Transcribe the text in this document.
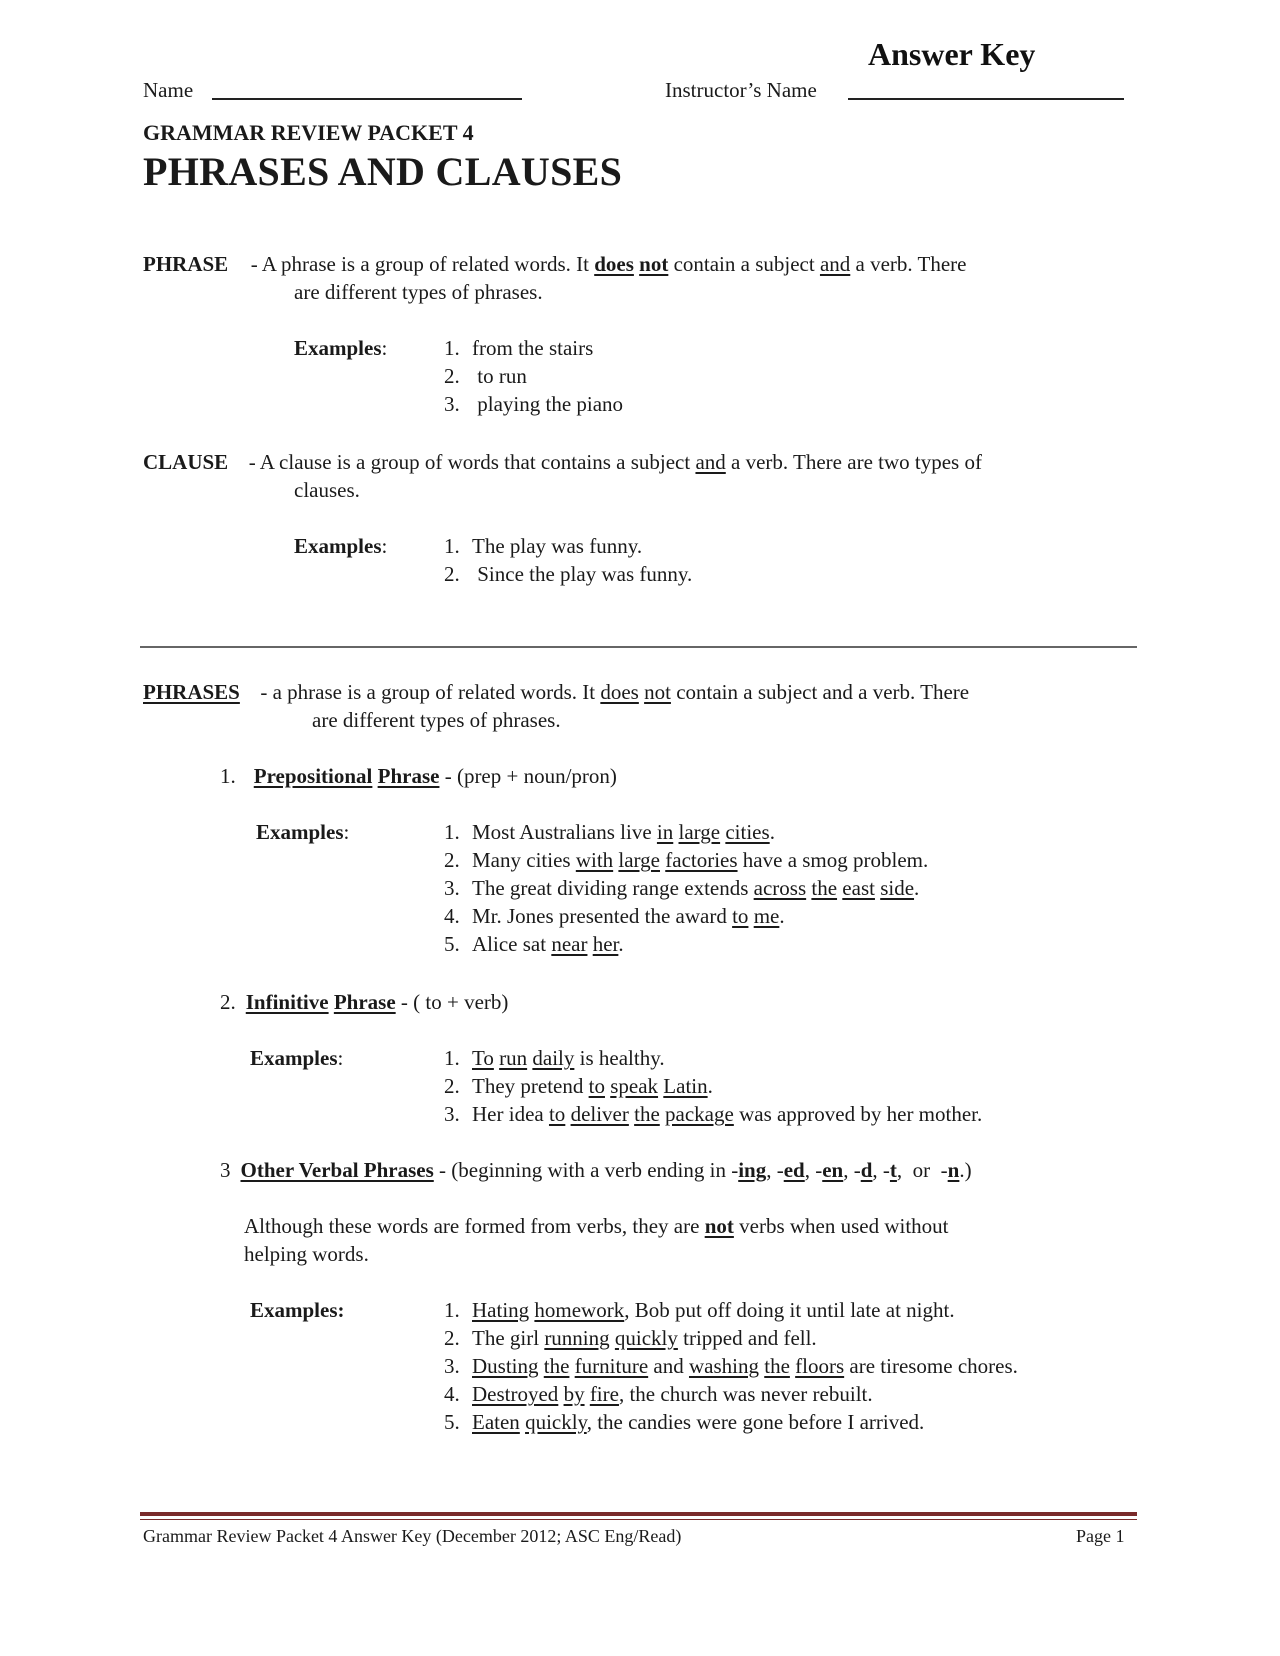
Answer Key
Name	Instructor’s Name
GRAMMAR REVIEW PACKET 4
PHRASES AND CLAUSES
PHRASE - A phrase is a group of related words. It does not contain a subject and a verb. There
are different types of phrases.
Examples:	1. from the stairs
2. to run
3. playing the piano
CLAUSE - A clause is a group of words that contains a subject and a verb. There are two types of
clauses.
Examples:	1. The play was funny.
2. Since the play was funny.
PHRASES - a phrase is a group of related words. It does not contain a subject and a verb. There
are different types of phrases.
1. Prepositional Phrase - (prep + noun/pron)
Examples:	1. Most Australians live in large cities.
2. Many cities with large factories have a smog problem.
3. The great dividing range extends across the east side.
4. Mr. Jones presented the award to me.
5. Alice sat near her.
2. Infinitive Phrase - ( to + verb)
Examples:	1. To run daily is healthy.
2. They pretend to speak Latin.
3. Her idea to deliver the package was approved by her mother.
3 Other Verbal Phrases - (beginning with a verb ending in -ing, -ed, -en, -d, -t,  or  -n.)
Although these words are formed from verbs, they are not verbs when used without
helping words.
Examples:	1. Hating homework, Bob put off doing it until late at night.
2. The girl running quickly tripped and fell.
3. Dusting the furniture and washing the floors are tiresome chores.
4. Destroyed by fire, the church was never rebuilt.
5. Eaten quickly, the candies were gone before I arrived.
Grammar Review Packet 4 Answer Key (December 2012; ASC Eng/Read)	Page 1
